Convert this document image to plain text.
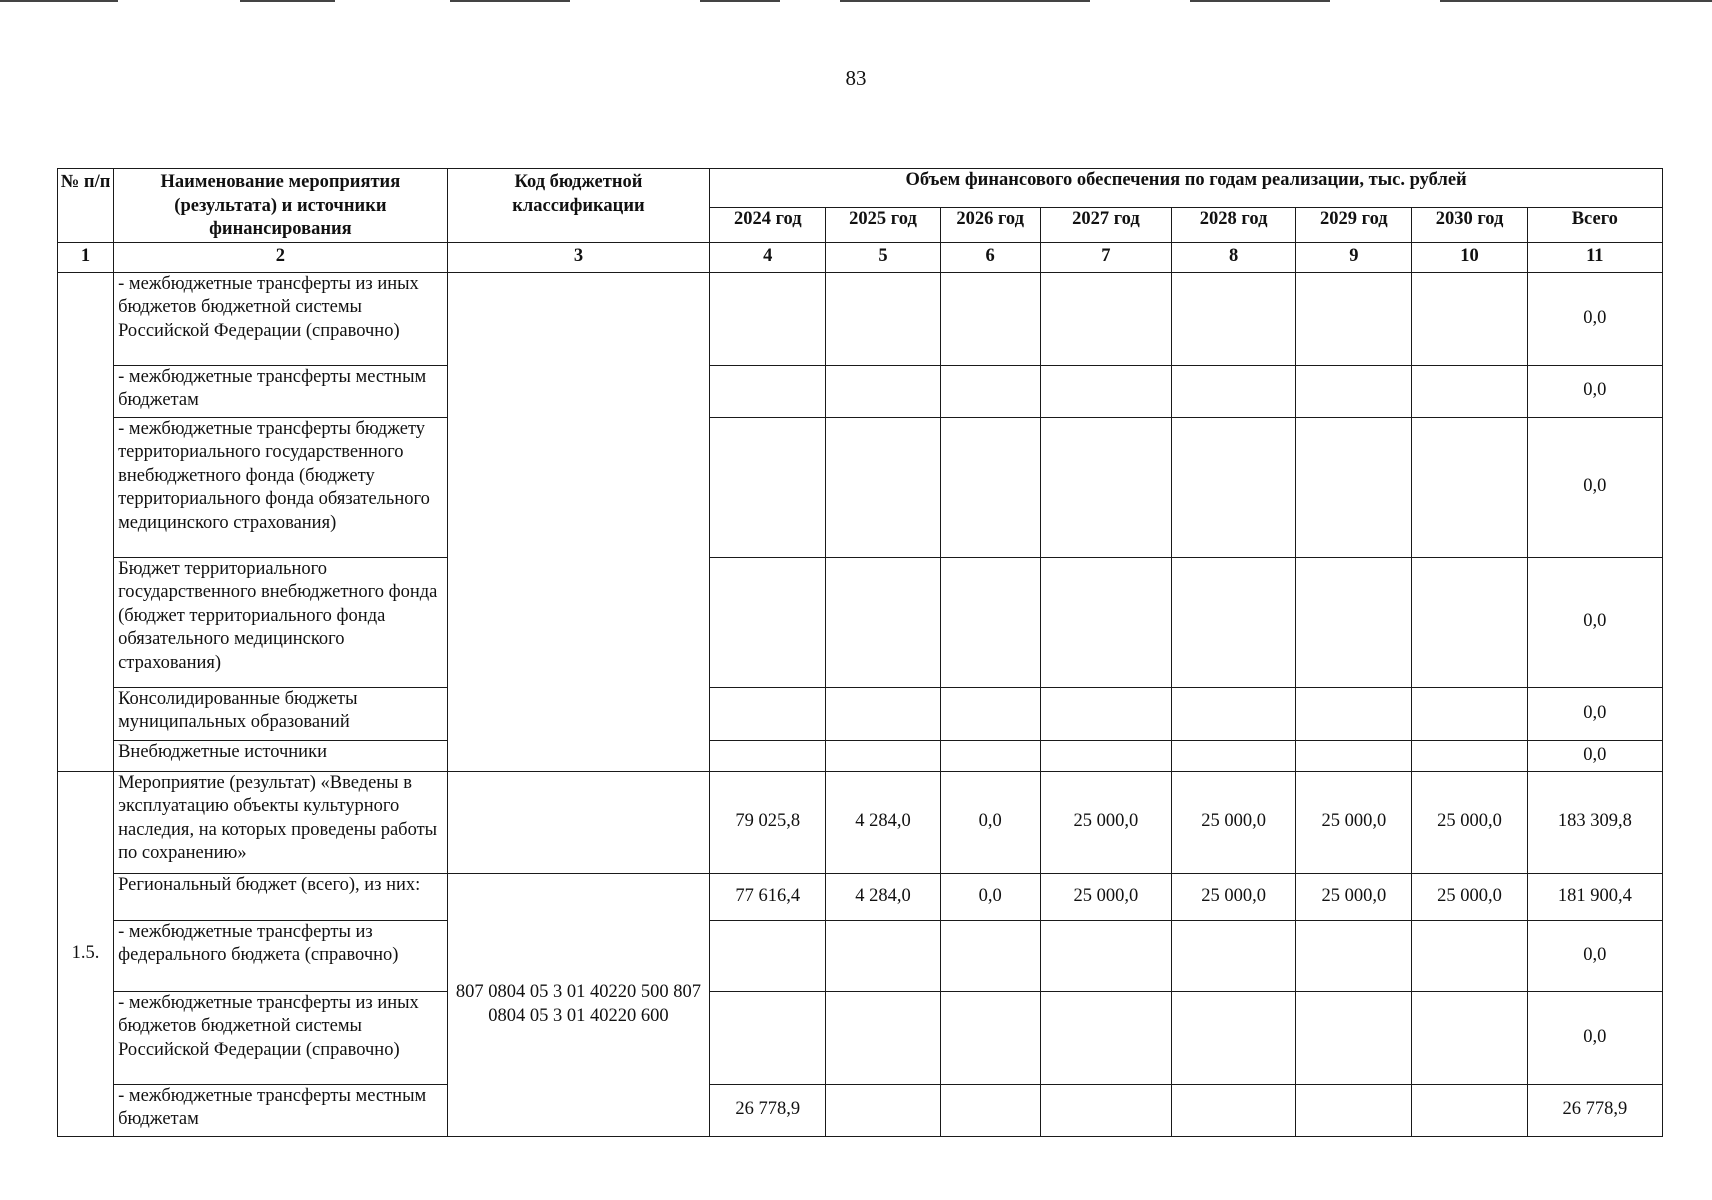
83
№ п/п	Наименование мероприятия (результата) и источники финансирования	Код бюджетной классификации	Объем финансового обеспечения по годам реализации, тыс. рублей							
			2024 год	2025 год	2026 год	2027 год	2028 год	2029 год	2030 год	Всего
1	2	3	4	5	6	7	8	9	10	11
	- межбюджетные трансферты из иных бюджетов бюджетной системы Российской Федерации (справочно)									0,0
	- межбюджетные трансферты местным бюджетам									0,0
	- межбюджетные трансферты бюджету территориального государственного внебюджетного фонда (бюджету территориального фонда обязательного медицинского страхования)									0,0
	Бюджет территориального государственного внебюджетного фонда (бюджет территориального фонда обязательного медицинского страхования)									0,0
	Консолидированные бюджеты муниципальных образований									0,0
	Внебюджетные источники									0,0
1.5.	Мероприятие (результат) «Введены в эксплуатацию объекты культурного наследия, на которых проведены работы по сохранению»		79 025,8	4 284,0	0,0	25 000,0	25 000,0	25 000,0	25 000,0	183 309,8
	Региональный бюджет (всего), из них:	807 0804 05 3 01 40220 500 807 0804 05 3 01 40220 600	77 616,4	4 284,0	0,0	25 000,0	25 000,0	25 000,0	25 000,0	181 900,4
	- межбюджетные трансферты из федерального бюджета (справочно)									0,0
	- межбюджетные трансферты из иных бюджетов бюджетной системы Российской Федерации (справочно)									0,0
	- межбюджетные трансферты местным бюджетам		26 778,9							26 778,9
